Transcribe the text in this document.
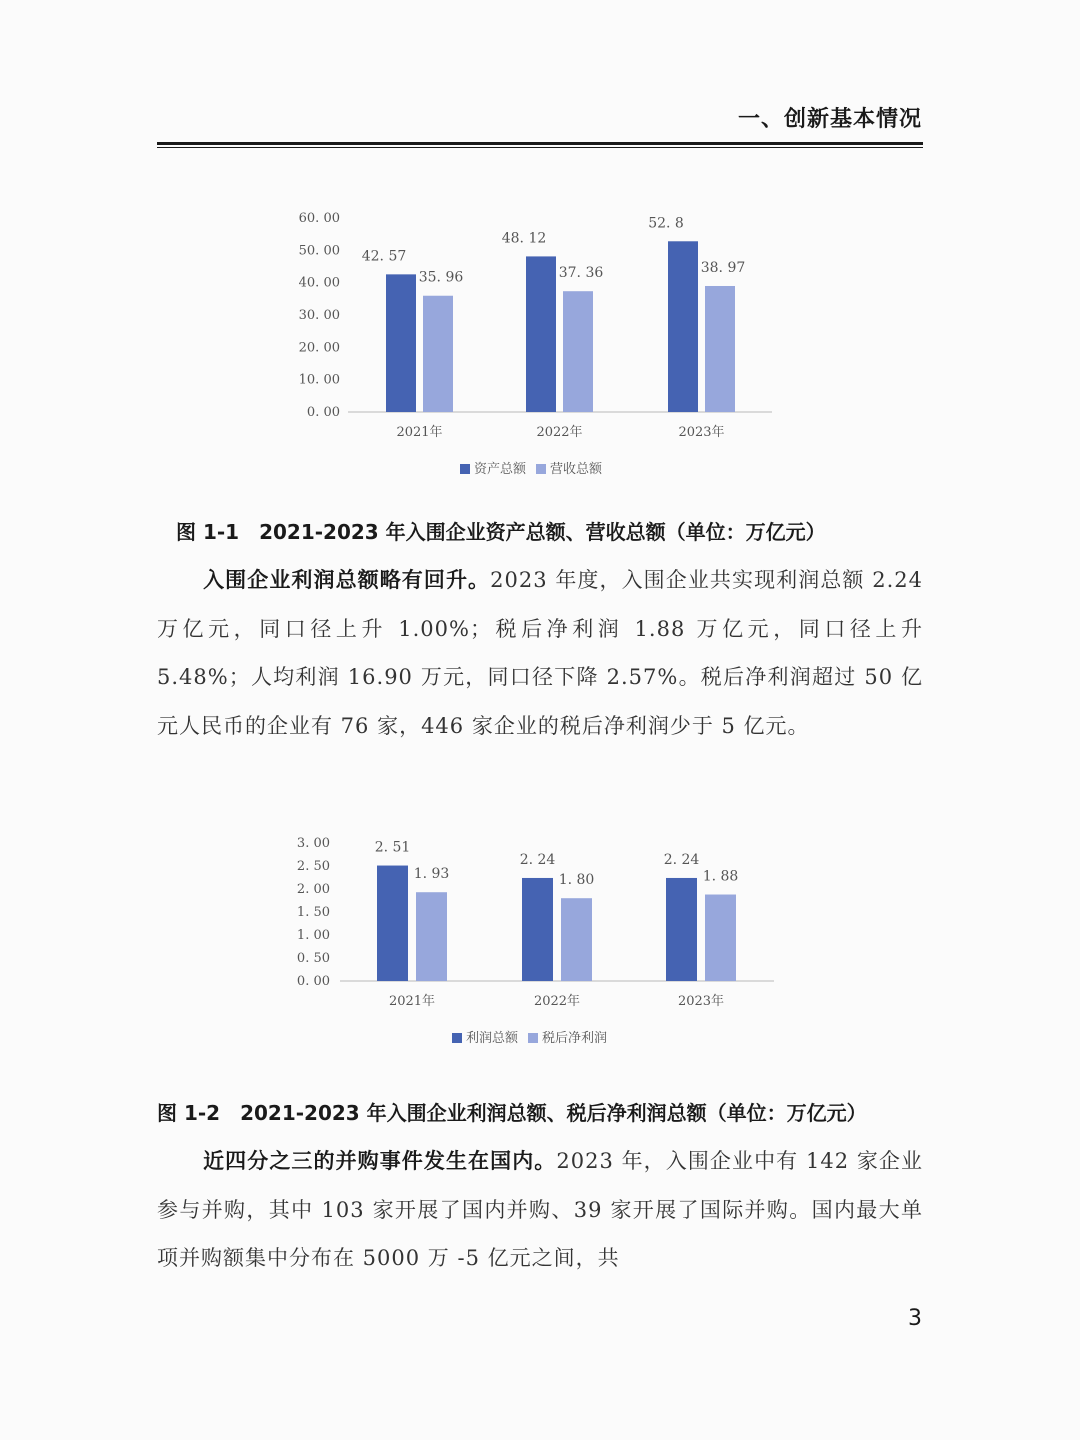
一、创新基本情况
0. 00
10. 00
20. 00
30. 00
40. 00
50. 00
60. 00
42. 57
35. 96
2021年
48. 12
37. 36
2022年
52. 8
38. 97
2023年
资产总额 营收总额
图 1-1　2021-2023 年入围企业资产总额、营收总额（单位：万亿元）

入围企业利润总额略有回升。2023 年度，入围企业共实现利润总额 2.24 万亿元，同口径上升 1.00%；税后净利润 1.88 万亿元，同口径上升 5.48%；人均利润 16.90 万元，同口径下降 2.57%。税后净利润超过 50 亿元人民币的企业有 76 家，446 家企业的税后净利润少于 5 亿元。

0. 00
0. 50
1. 00
1. 50
2. 00
2. 50
3. 00	2. 51
1. 93
2021年
2. 24
1. 80
2022年
2. 24
1. 88
2023年
利润总额 税后净利润
图 1-2　2021-2023 年入围企业利润总额、税后净利润总额（单位：万亿元）

近四分之三的并购事件发生在国内。2023 年，入围企业中有 142 家企业参与并购，其中 103 家开展了国内并购、39 家开展了国际并购。国内最大单项并购额集中分布在 5000 万 -5 亿元之间，共

3
